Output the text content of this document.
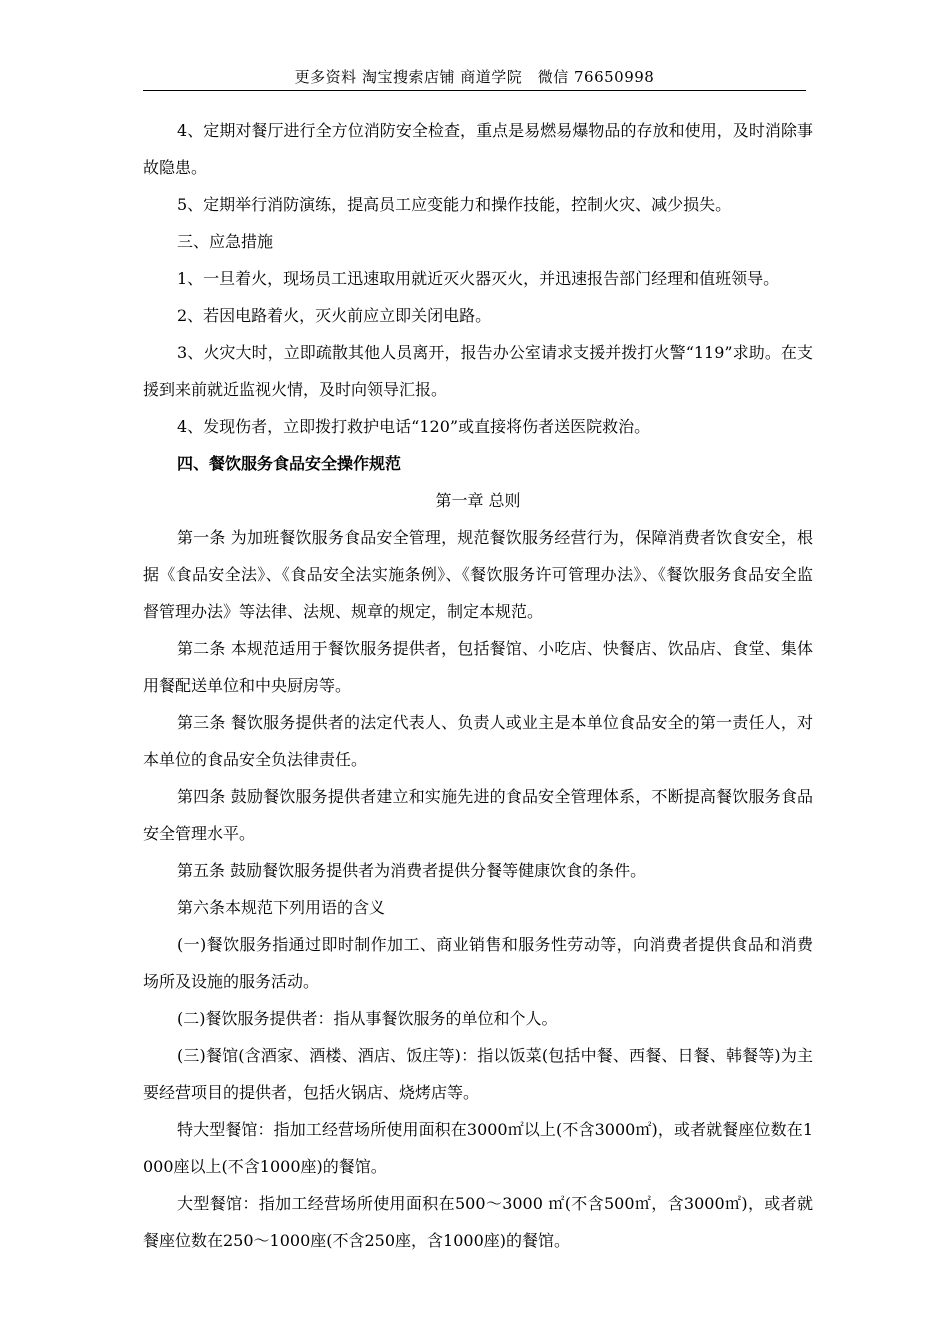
更多资料 淘宝搜索店铺 商道学院　微信 76650998

4、定期对餐厅进行全方位消防安全检查，重点是易燃易爆物品的存放和使用，及时消除事故隐患。

5、定期举行消防演练，提高员工应变能力和操作技能，控制火灾、减少损失。

三、应急措施

1、一旦着火，现场员工迅速取用就近灭火器灭火，并迅速报告部门经理和值班领导。

2、若因电路着火，灭火前应立即关闭电路。

3、火灾大时，立即疏散其他人员离开，报告办公室请求支援并拨打火警“119”求助。在支援到来前就近监视火情，及时向领导汇报。

4、发现伤者，立即拨打救护电话“120”或直接将伤者送医院救治。

四、餐饮服务食品安全操作规范

第一章 总则

第一条 为加班餐饮服务食品安全管理，规范餐饮服务经营行为，保障消费者饮食安全，根据《食品安全法》、《食品安全法实施条例》、《餐饮服务许可管理办法》、《餐饮服务食品安全监督管理办法》等法律、法规、规章的规定，制定本规范。

第二条 本规范适用于餐饮服务提供者，包括餐馆、小吃店、快餐店、饮品店、食堂、集体用餐配送单位和中央厨房等。

第三条 餐饮服务提供者的法定代表人、负责人或业主是本单位食品安全的第一责任人，对本单位的食品安全负法律责任。

第四条 鼓励餐饮服务提供者建立和实施先进的食品安全管理体系，不断提高餐饮服务食品安全管理水平。

第五条 鼓励餐饮服务提供者为消费者提供分餐等健康饮食的条件。

第六条本规范下列用语的含义

(一)餐饮服务指通过即时制作加工、商业销售和服务性劳动等，向消费者提供食品和消费场所及设施的服务活动。

(二)餐饮服务提供者：指从事餐饮服务的单位和个人。

(三)餐馆(含酒家、酒楼、酒店、饭庄等)：指以饭菜(包括中餐、西餐、日餐、韩餐等)为主要经营项目的提供者，包括火锅店、烧烤店等。

特大型餐馆：指加工经营场所使用面积在3000㎡以上(不含3000㎡)，或者就餐座位数在1000座以上(不含1000座)的餐馆。

大型餐馆：指加工经营场所使用面积在500～3000 ㎡(不含500㎡，含3000㎡)，或者就餐座位数在250～1000座(不含250座，含1000座)的餐馆。
